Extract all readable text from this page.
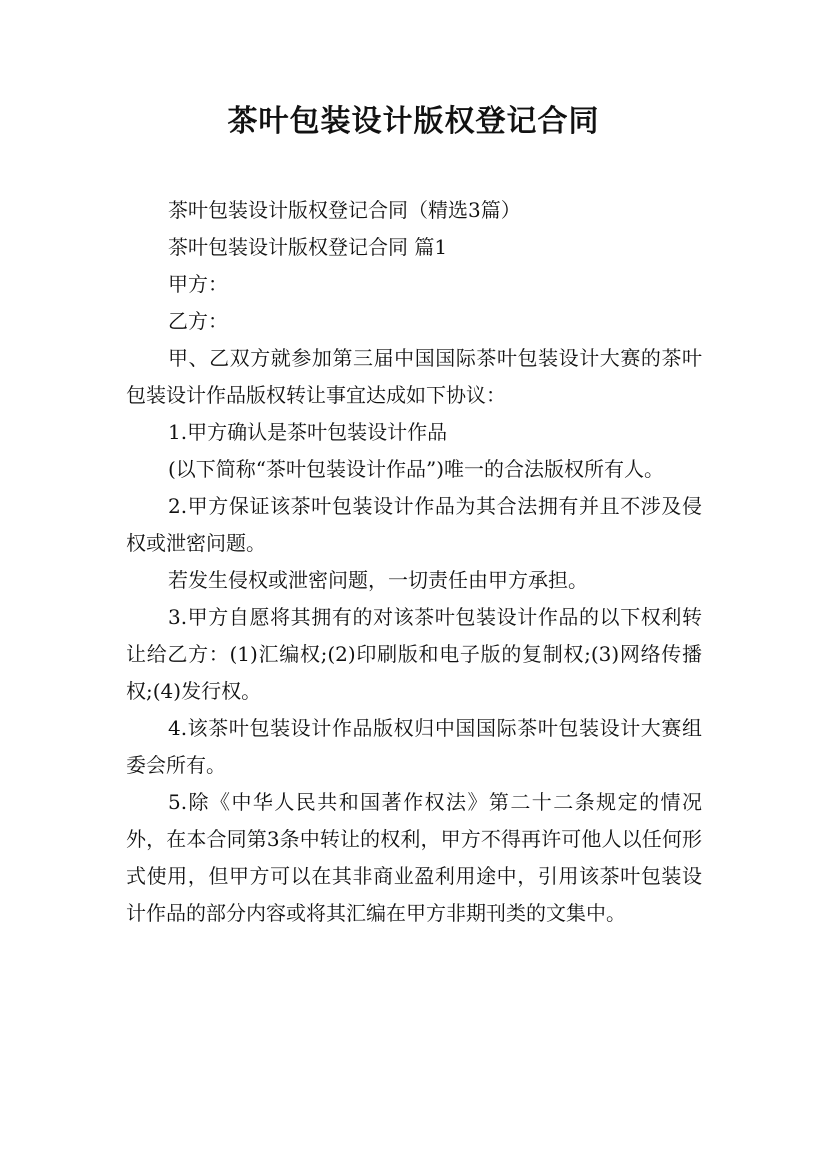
茶叶包装设计版权登记合同

茶叶包装设计版权登记合同（精选3篇）

茶叶包装设计版权登记合同 篇1

甲方：

乙方：

甲、乙双方就参加第三届中国国际茶叶包装设计大赛的茶叶包装设计作品版权转让事宜达成如下协议：

1.甲方确认是茶叶包装设计作品

(以下简称“茶叶包装设计作品”)唯一的合法版权所有人。

2.甲方保证该茶叶包装设计作品为其合法拥有并且不涉及侵权或泄密问题。

若发生侵权或泄密问题，一切责任由甲方承担。

3.甲方自愿将其拥有的对该茶叶包装设计作品的以下权利转让给乙方：(1)汇编权;(2)印刷版和电子版的复制权;(3)网络传播权;(4)发行权。

4.该茶叶包装设计作品版权归中国国际茶叶包装设计大赛组委会所有。

5.除《中华人民共和国著作权法》第二十二条规定的情况外，在本合同第3条中转让的权利，甲方不得再许可他人以任何形式使用，但甲方可以在其非商业盈利用途中，引用该茶叶包装设计作品的部分内容或将其汇编在甲方非期刊类的文集中。
